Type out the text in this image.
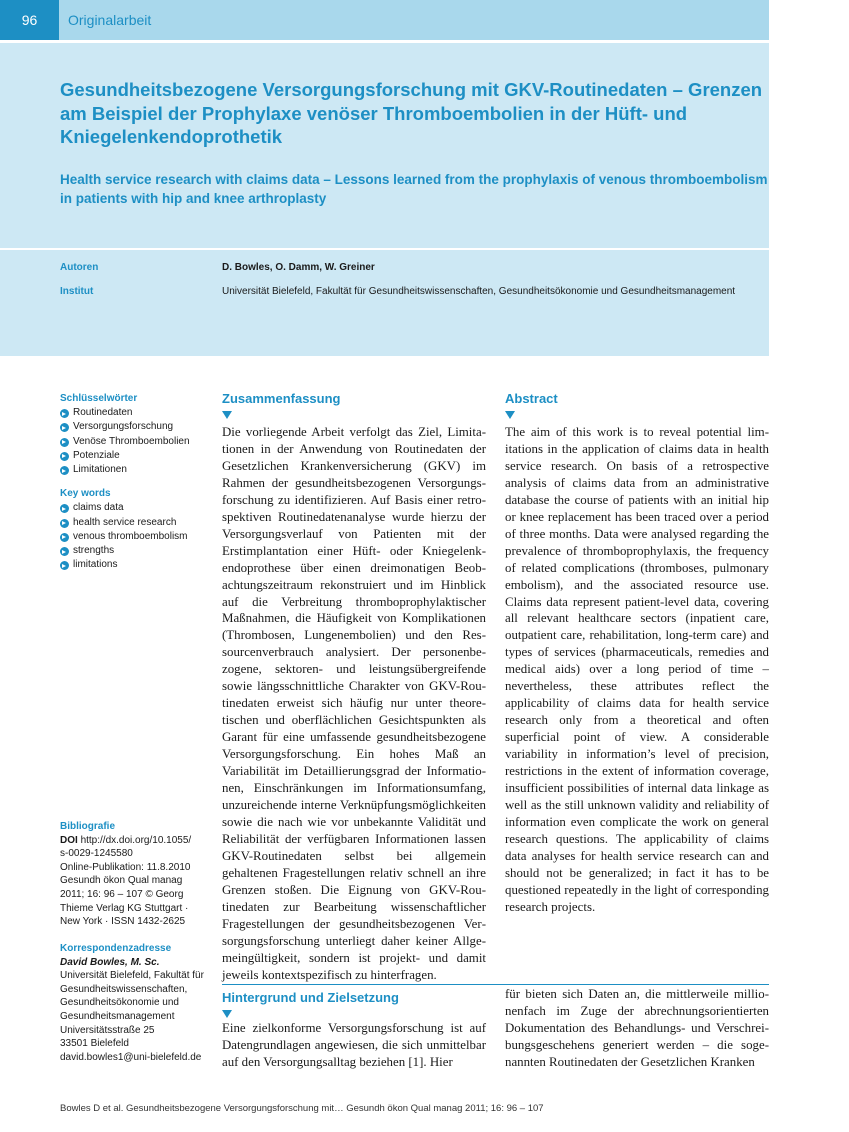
96	Originalarbeit
Gesundheitsbezogene Versorgungsforschung mit GKV-Routinedaten – Grenzen am Beispiel der Prophylaxe venöser Thromboembolien in der Hüft- und Kniegelenkendoprothetik
Health service research with claims data – Lessons learned from the prophylaxis of venous thromboembolism in patients with hip and knee arthroplasty
Autoren	D. Bowles, O. Damm, W. Greiner
Institut	Universität Bielefeld, Fakultät für Gesundheitswissenschaften, Gesundheitsökonomie und Gesundheitsmanagement

Schlüsselwörter

Routinedaten
Versorgungsforschung
Venöse Thromboembolien
Potenziale
Limitationen

Key words

claims data
health service research
venous thromboembolism
strengths
limitations

Bibliografie

DOI http://dx.doi.org/10.1055/

s-0029-1245580

Online-Publikation: 11.8.2010

Gesundh ökon Qual manag

2011; 16: 96 – 107 © Georg

Thieme Verlag KG Stuttgart ·

New York · ISSN 1432-2625

Korrespondenzadresse

David Bowles, M. Sc.

Universität Bielefeld, Fakultät für

Gesundheitswissenschaften,

Gesundheitsökonomie und

Gesundheitsmanagement

Universitätsstraße 25

33501 Bielefeld

david.bowles1@uni-bielefeld.de

Zusammenfassung

Die vorliegende Arbeit verfolgt das Ziel, Limitationen in der Anwendung von Routinedaten der Gesetzlichen Krankenversicherung (GKV) im Rahmen der gesundheitsbezogenen Versorgungsforschung zu identifizieren. Auf Basis einer retrospektiven Routinedatenanalyse wurde hierzu der Versorgungsverlauf von Patienten mit der Erstimplantation einer Hüft- oder Kniegelenkendoprothese über einen dreimonatigen Beobachtungszeitraum rekonstruiert und im Hinblick auf die Verbreitung thromboprophylaktischer Maßnahmen, die Häufigkeit von Komplikationen (Thrombosen, Lungenembolien) und den Ressourcenverbrauch analysiert. Der personenbezogene, sektoren- und leistungsübergreifende sowie längsschnittliche Charakter von GKV-Routinedaten erweist sich häufig nur unter theoretischen und oberflächlichen Gesichtspunkten als Garant für eine umfassende gesundheitsbezogene Versorgungsforschung. Ein hohes Maß an Variabilität im Detaillierungsgrad der Informationen, Einschränkungen im Informationsumfang, unzureichende interne Verknüpfungsmöglichkeiten sowie die nach wie vor unbekannte Validität und Reliabilität der verfügbaren Informationen lassen GKV-Routinedaten selbst bei allgemein gehaltenen Fragestellungen relativ schnell an ihre Grenzen stoßen. Die Eignung von GKV-Routinedaten zur Bearbeitung wissenschaftlicher Fragestellungen der gesundheitsbezogenen Versorgungsforschung unterliegt daher keiner Allgemeingültigkeit, sondern ist projekt- und damit jeweils kontextspezifisch zu hinterfragen.

Abstract

The aim of this work is to reveal potential limitations in the application of claims data in health service research. On basis of a retrospective analysis of claims data from an administrative database the course of patients with an initial hip or knee replacement has been traced over a period of three months. Data were analysed regarding the prevalence of thromboprophylaxis, the frequency of related complications (thromboses, pulmonary embolism), and the associated resource use. Claims data represent patient-level data, covering all relevant healthcare sectors (inpatient care, outpatient care, rehabilitation, long-term care) and types of services (pharmaceuticals, remedies and medical aids) over a long period of time – nevertheless, these attributes reflect the applicability of claims data for health service research only from a theoretical and often superficial point of view. A considerable variability in information’s level of precision, restrictions in the extent of information coverage, insufficient possibilities of internal data linkage as well as the still unknown validity and reliability of information even complicate the work on general research questions. The applicability of claims data analyses for health service research can and should not be generalized; in fact it has to be questioned repeatedly in the light of corresponding research projects.

Hintergrund und Zielsetzung

Eine zielkonforme Versorgungsforschung ist auf Datengrundlagen angewiesen, die sich unmittelbar auf den Versorgungsalltag beziehen [1]. Hier

für bieten sich Daten an, die mittlerweile millionenfach im Zuge der abrechnungsorientierten Dokumentation des Behandlungs- und Verschreibungsgeschehens generiert werden – die sogenannten Routinedaten der Gesetzlichen Kranken

Bowles D et al. Gesundheitsbezogene Versorgungsforschung mit… Gesundh ökon Qual manag 2011; 16: 96 – 107
